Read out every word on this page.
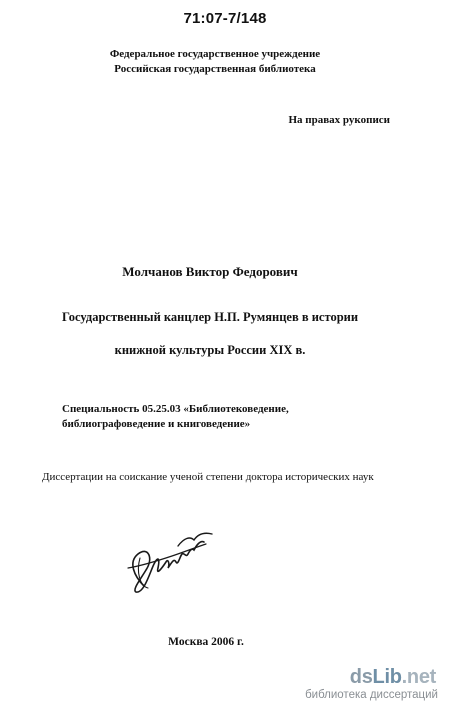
71:07-7/148
Федеральное государственное учреждение
Российская государственная библиотека
На правах рукописи
Молчанов Виктор Федорович
Государственный канцлер Н.П. Румянцев в истории
книжной культуры России XIX в.
Специальность 05.25.03 «Библиотековедение,
библиографоведение и книговедение»
Диссертации на соискание ученой степени доктора исторических наук
Москва 2006 г.
dsLib.net
библиотека диссертаций
